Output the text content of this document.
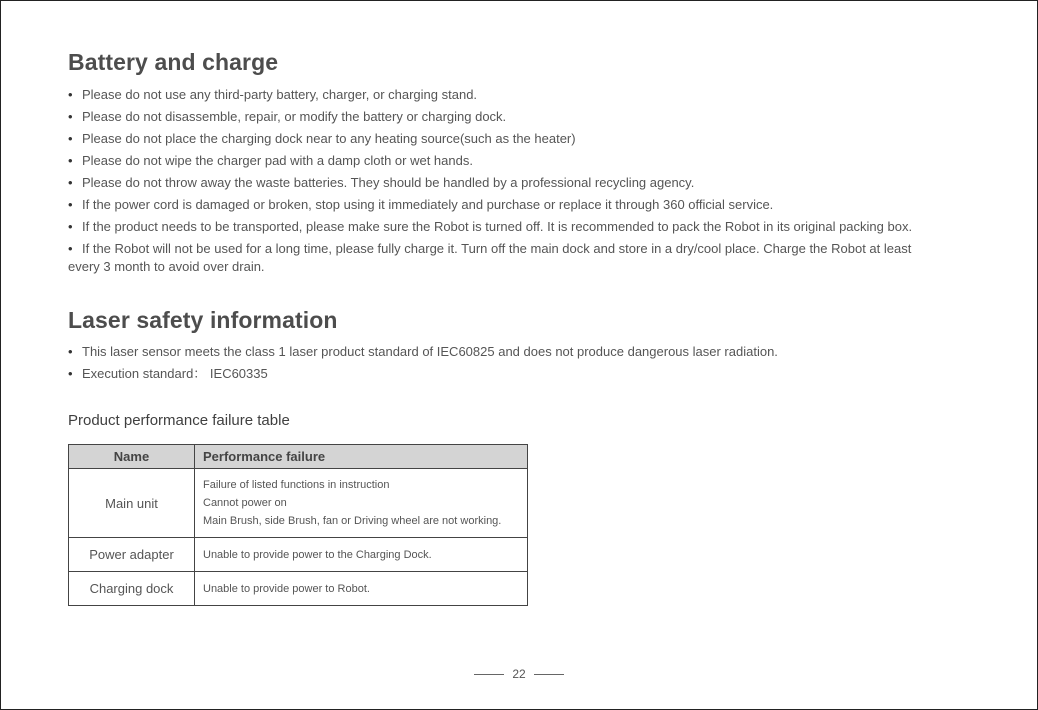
Battery and charge
• Please do not use any third-party battery, charger, or charging stand.
• Please do not disassemble, repair, or modify the battery or charging dock.
• Please do not place the charging dock near to any heating source(such as the heater)
• Please do not wipe the charger pad with a damp cloth or wet hands.
• Please do not throw away the waste batteries. They should be handled by a professional recycling agency.
• If the power cord is damaged or broken, stop using it immediately and purchase or replace it through 360 official service.
• If the product needs to be transported, please make sure the Robot is turned off. It is recommended to pack the Robot in its original packing box.
• If the Robot will not be used for a long time, please fully charge it. Turn off the main dock and store in a dry/cool place. Charge the Robot at least every 3 month to avoid over drain.
Laser safety information
• This laser sensor meets the class 1 laser product standard of IEC60825 and does not produce dangerous laser radiation.
• Execution standard： IEC60335
Product performance failure table
Name	Performance failure
Main unit	Failure of listed functions in instruction
Cannot power on
Main Brush, side Brush, fan or Driving wheel are not working.

Power adapter	Unable to provide power to the Charging Dock.

Charging dock	Unable to provide power to Robot.
22
